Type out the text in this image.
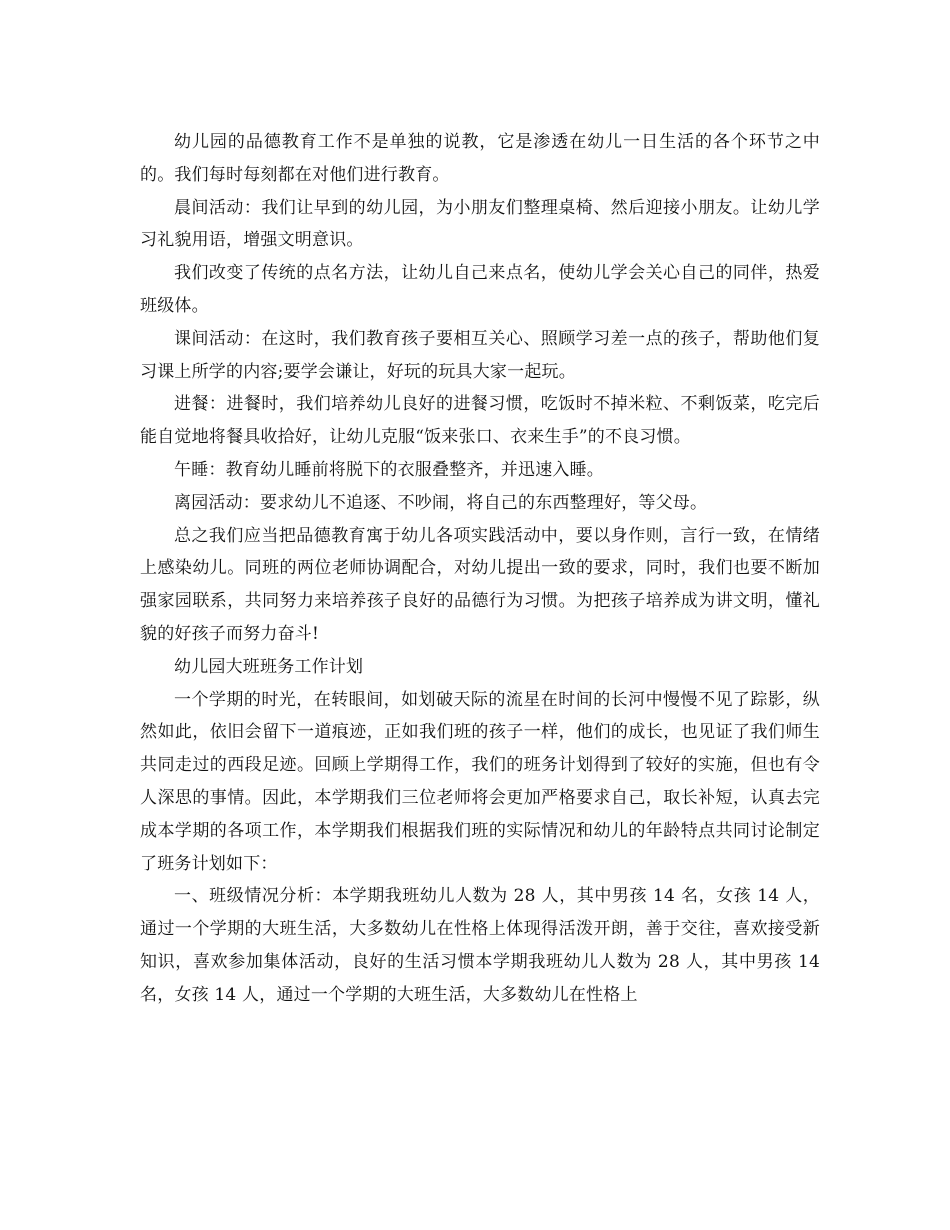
幼儿园的品德教育工作不是单独的说教，它是渗透在幼儿一日生活的各个环节之中的。我们每时每刻都在对他们进行教育。

晨间活动：我们让早到的幼儿园，为小朋友们整理桌椅、然后迎接小朋友。让幼儿学习礼貌用语，增强文明意识。

我们改变了传统的点名方法，让幼儿自己来点名，使幼儿学会关心自己的同伴，热爱班级体。

课间活动：在这时，我们教育孩子要相互关心、照顾学习差一点的孩子，帮助他们复习课上所学的内容;要学会谦让，好玩的玩具大家一起玩。

进餐：进餐时，我们培养幼儿良好的进餐习惯，吃饭时不掉米粒、不剩饭菜，吃完后能自觉地将餐具收拾好，让幼儿克服“饭来张口、衣来生手”的不良习惯。

午睡：教育幼儿睡前将脱下的衣服叠整齐，并迅速入睡。

离园活动：要求幼儿不追逐、不吵闹，将自己的东西整理好，等父母。

总之我们应当把品德教育寓于幼儿各项实践活动中，要以身作则，言行一致，在情绪上感染幼儿。同班的两位老师协调配合，对幼儿提出一致的要求，同时，我们也要不断加强家园联系，共同努力来培养孩子良好的品德行为习惯。为把孩子培养成为讲文明，懂礼貌的好孩子而努力奋斗!

幼儿园大班班务工作计划

一个学期的时光，在转眼间，如划破天际的流星在时间的长河中慢慢不见了踪影，纵然如此，依旧会留下一道痕迹，正如我们班的孩子一样，他们的成长，也见证了我们师生共同走过的西段足迹。回顾上学期得工作，我们的班务计划得到了较好的实施，但也有令人深思的事情。因此，本学期我们三位老师将会更加严格要求自己，取长补短，认真去完成本学期的各项工作，本学期我们根据我们班的实际情况和幼儿的年龄特点共同讨论制定了班务计划如下：

一、班级情况分析：本学期我班幼儿人数为 28 人，其中男孩 14 名，女孩 14 人，通过一个学期的大班生活，大多数幼儿在性格上体现得活泼开朗，善于交往，喜欢接受新知识，喜欢参加集体活动，良好的生活习惯本学期我班幼儿人数为 28 人，其中男孩 14 名，女孩 14 人，通过一个学期的大班生活，大多数幼儿在性格上
